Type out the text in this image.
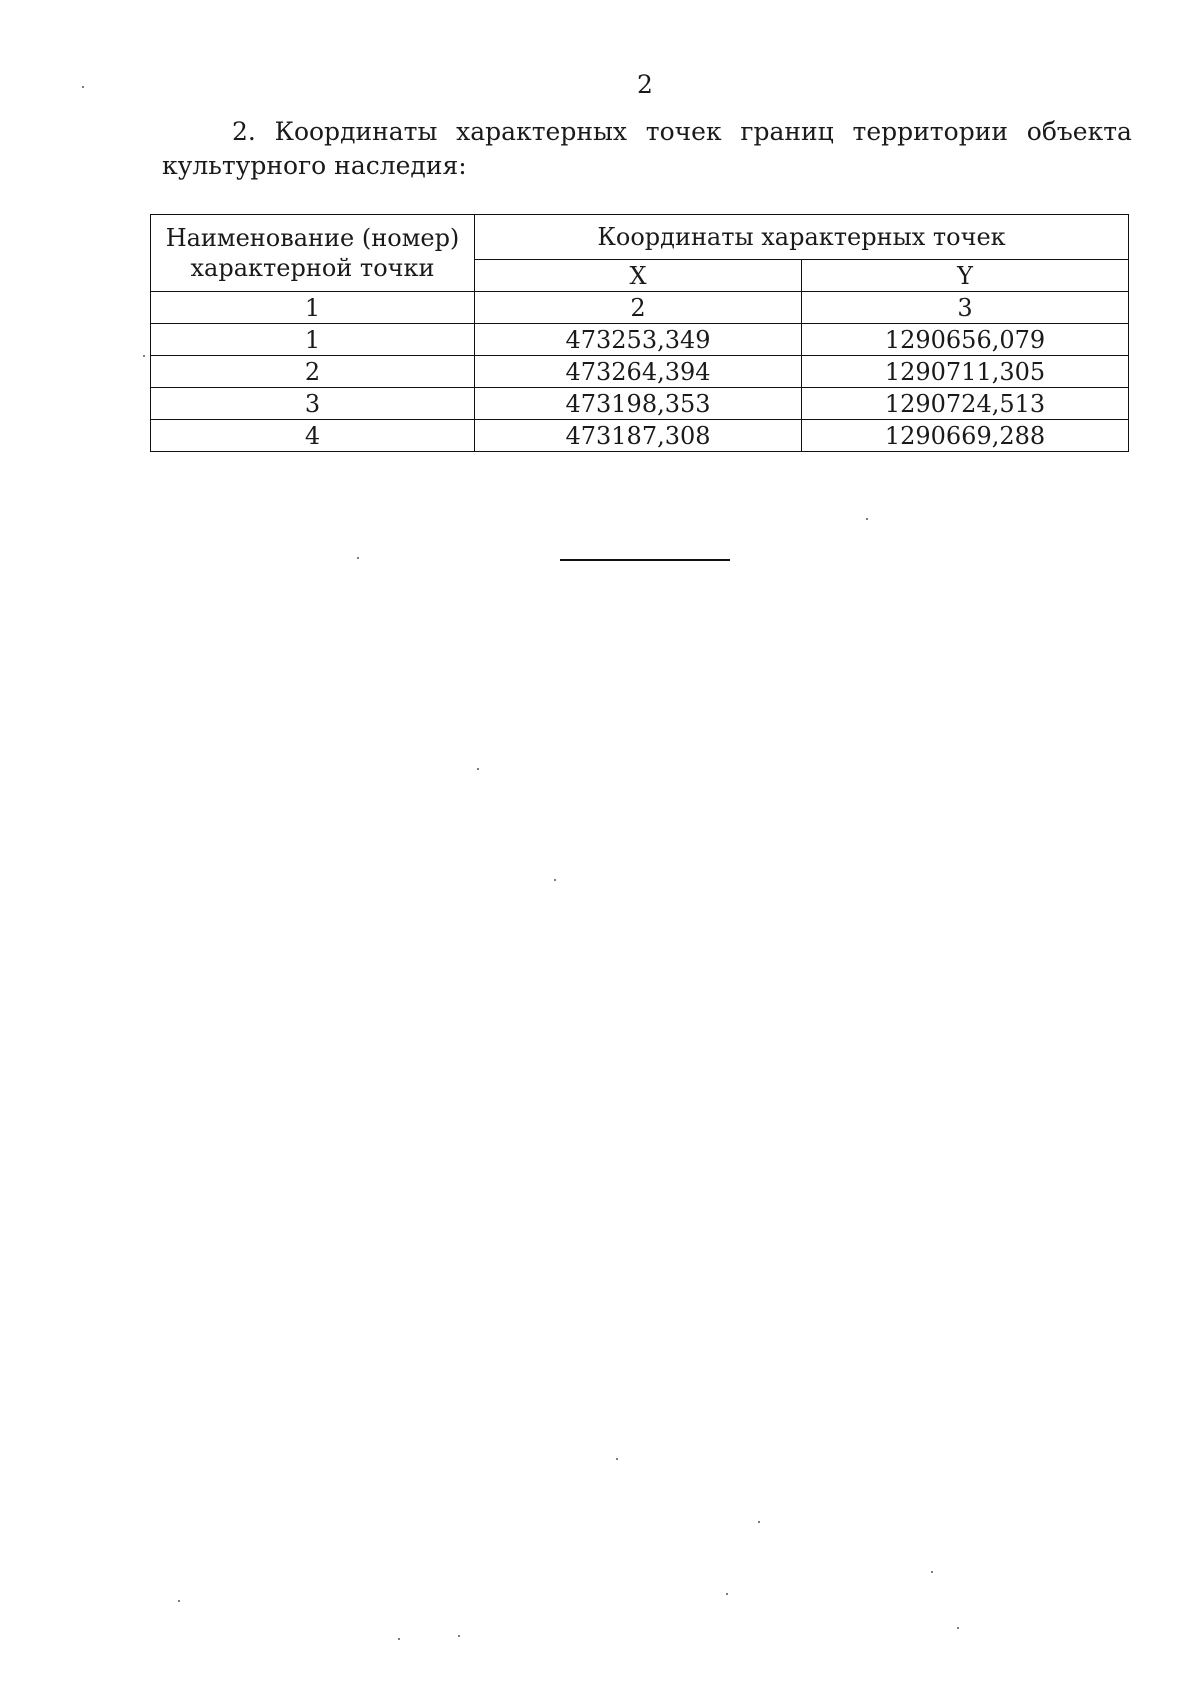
2
2. Координаты характерных точек границ территории объекта
культурного наследия:
Наименование (номер) характерной точки	Координаты характерных точек	
	X	Y
1	2	3
1	473253,349	1290656,079
2	473264,394	1290711,305
3	473198,353	1290724,513
4	473187,308	1290669,288
